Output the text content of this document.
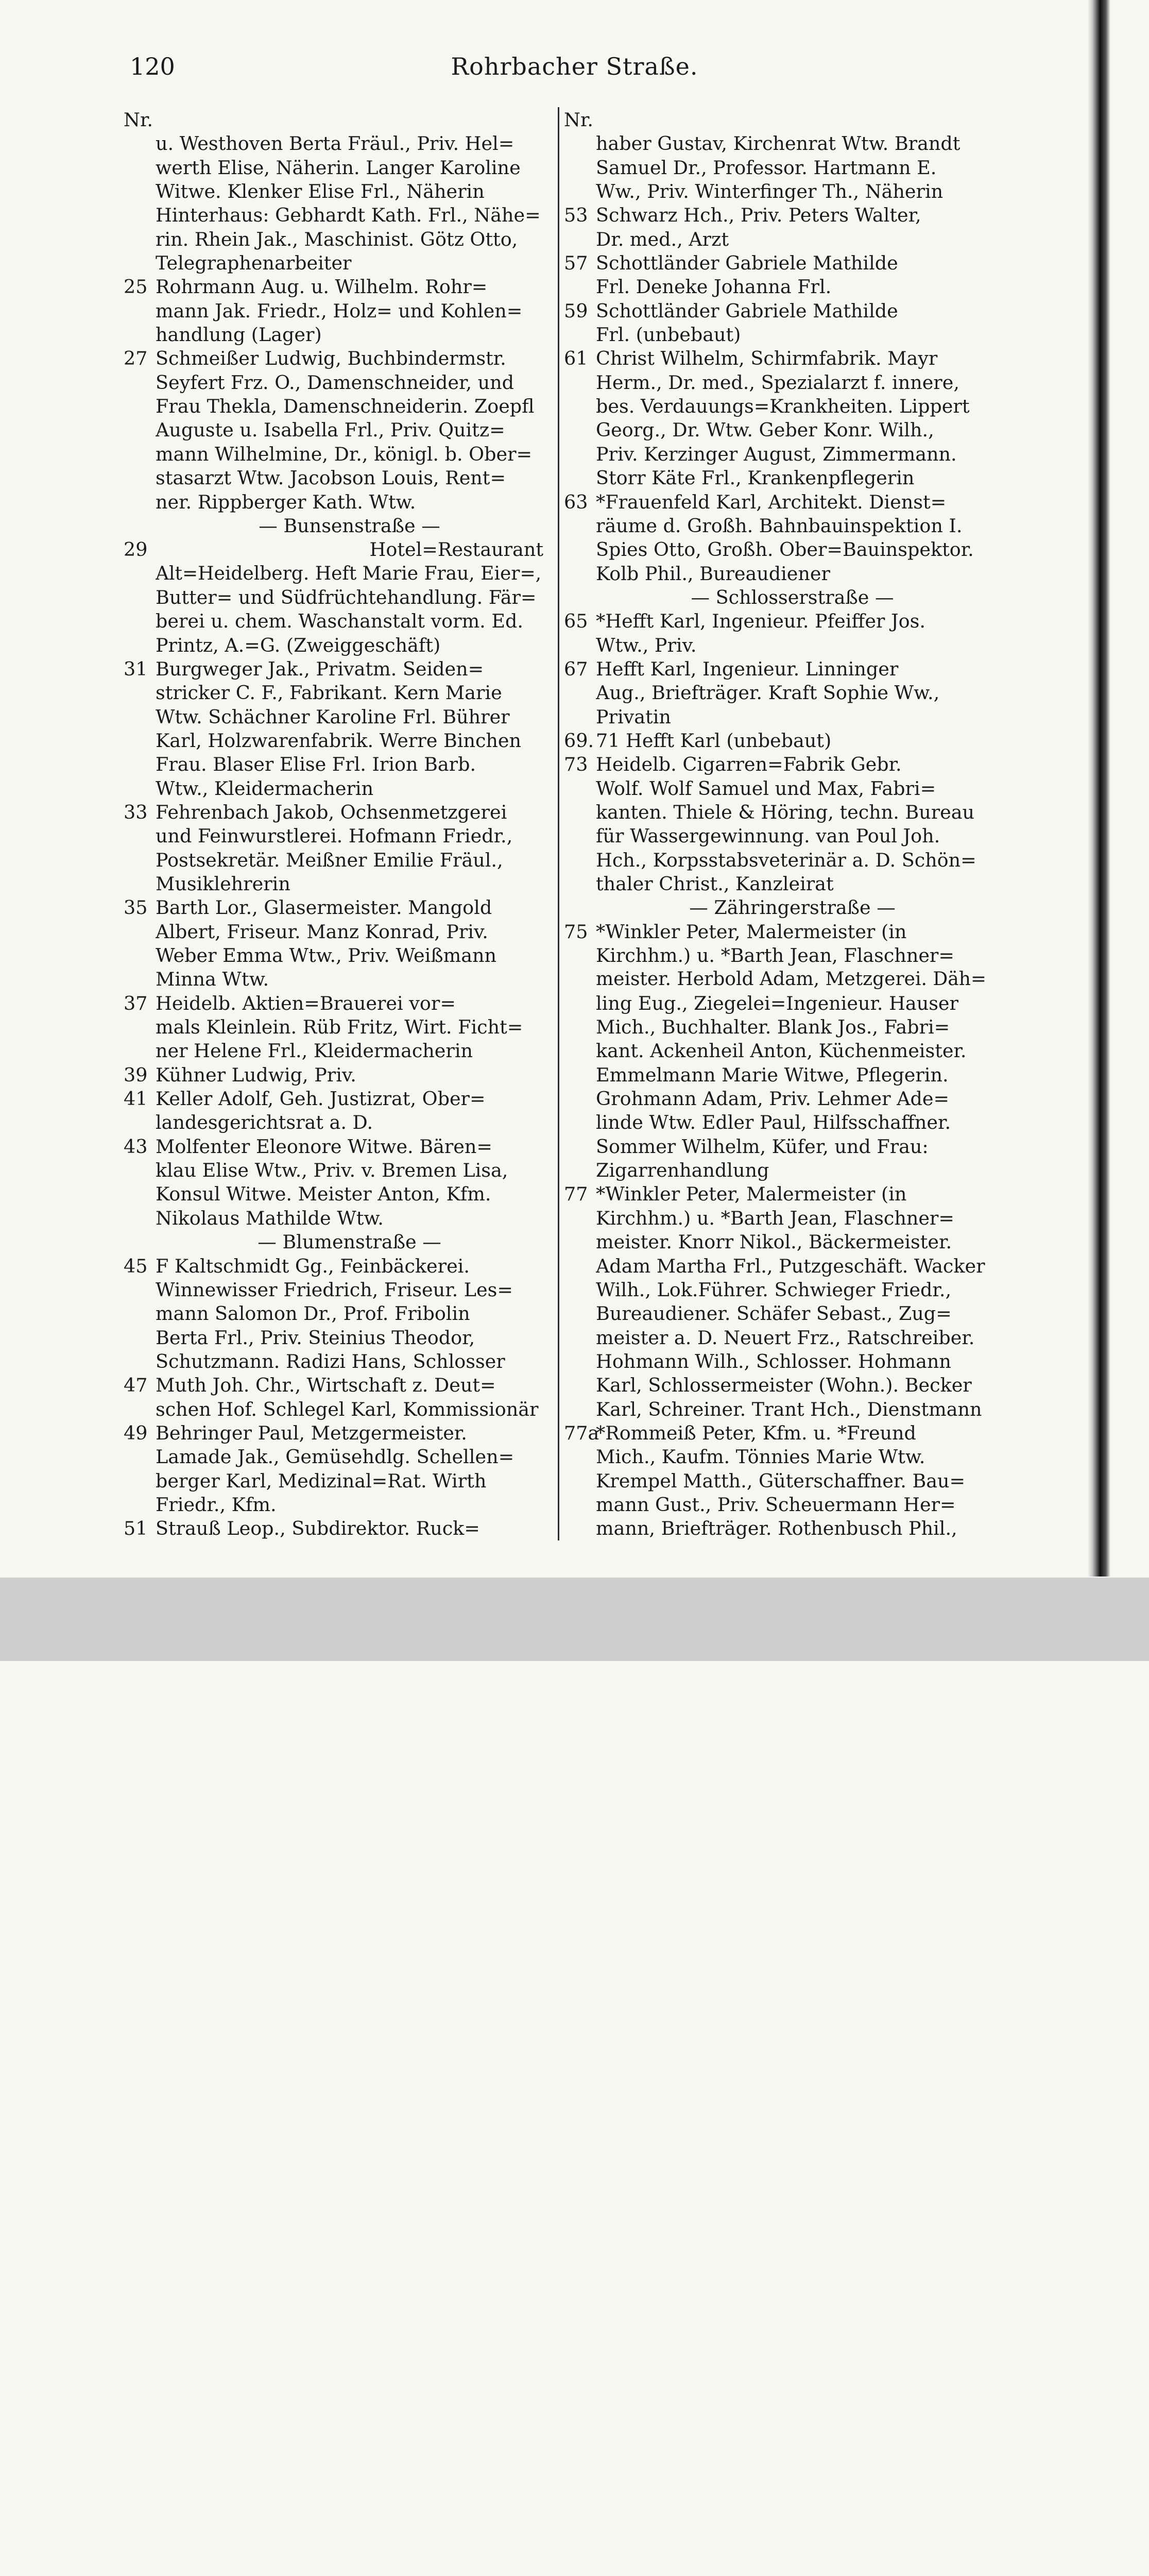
120	Rohrbacher Straße.
Nr.
u. Westhoven Berta Fräul., Priv. Hel=
werth Elise, Näherin. Langer Karoline
Witwe. Klenker Elise Frl., Näherin
Hinterhaus: Gebhardt Kath. Frl., Nähe=
rin. Rhein Jak., Maschinist. Götz Otto,
Telegraphenarbeiter
25 Rohrmann Aug. u. Wilhelm. Rohr=
mann Jak. Friedr., Holz= und Kohlen=
handlung (Lager)
27 Schmeißer Ludwig, Buchbindermstr.
Seyfert Frz. O., Damenschneider, und
Frau Thekla, Damenschneiderin. Zoepfl
Auguste u. Isabella Frl., Priv. Quitz=
mann Wilhelmine, Dr., königl. b. Ober=
stasarzt Wtw. Jacobson Louis, Rent=
ner. Rippberger Kath. Wtw.
— Bunsenstraße —
29	Hotel=Restaurant
Alt=Heidelberg. Heft Marie Frau, Eier=,
Butter= und Südfrüchtehandlung. Fär=
berei u. chem. Waschanstalt vorm. Ed.
Printz, A.=G. (Zweiggeschäft)
31 Burgweger Jak., Privatm. Seiden=
stricker C. F., Fabrikant. Kern Marie
Wtw. Schächner Karoline Frl. Bührer
Karl, Holzwarenfabrik. Werre Binchen
Frau. Blaser Elise Frl. Irion Barb.
Wtw., Kleidermacherin
33 Fehrenbach Jakob, Ochsenmetzgerei
und Feinwurstlerei. Hofmann Friedr.,
Postsekretär. Meißner Emilie Fräul.,
Musiklehrerin
35 Barth Lor., Glasermeister. Mangold
Albert, Friseur. Manz Konrad, Priv.
Weber Emma Wtw., Priv. Weißmann
Minna Wtw.
37 Heidelb. Aktien=Brauerei vor=
mals Kleinlein. Rüb Fritz, Wirt. Ficht=
ner Helene Frl., Kleidermacherin
39 Kühner Ludwig, Priv.
41 Keller Adolf, Geh. Justizrat, Ober=
landesgerichtsrat a. D.
43 Molfenter Eleonore Witwe. Bären=
klau Elise Wtw., Priv. v. Bremen Lisa,
Konsul Witwe. Meister Anton, Kfm.
Nikolaus Mathilde Wtw.
— Blumenstraße —
45 F Kaltschmidt Gg., Feinbäckerei.
Winnewisser Friedrich, Friseur. Les=
mann Salomon Dr., Prof. Fribolin
Berta Frl., Priv. Steinius Theodor,
Schutzmann. Radizi Hans, Schlosser
47 Muth Joh. Chr., Wirtschaft z. Deut=
schen Hof. Schlegel Karl, Kommissionär
49 Behringer Paul, Metzgermeister.
Lamade Jak., Gemüsehdlg. Schellen=
berger Karl, Medizinal=Rat. Wirth
Friedr., Kfm.
51 Strauß Leop., Subdirektor. Ruck=
Nr.
haber Gustav, Kirchenrat Wtw. Brandt
Samuel Dr., Professor. Hartmann E.
Ww., Priv. Winterfinger Th., Näherin
53 Schwarz Hch., Priv. Peters Walter,
Dr. med., Arzt
57 Schottländer Gabriele Mathilde
Frl. Deneke Johanna Frl.
59 Schottländer Gabriele Mathilde
Frl. (unbebaut)
61 Christ Wilhelm, Schirmfabrik. Mayr
Herm., Dr. med., Spezialarzt f. innere,
bes. Verdauungs=Krankheiten. Lippert
Georg., Dr. Wtw. Geber Konr. Wilh.,
Priv. Kerzinger August, Zimmermann.
Storr Käte Frl., Krankenpflegerin
63 *Frauenfeld Karl, Architekt. Dienst=
räume d. Großh. Bahnbauinspektion I.
Spies Otto, Großh. Ober=Bauinspektor.
Kolb Phil., Bureaudiener
— Schlosserstraße —
65 *Hefft Karl, Ingenieur. Pfeiffer Jos.
Wtw., Priv.
67 Hefft Karl, Ingenieur. Linninger
Aug., Briefträger. Kraft Sophie Ww.,
Privatin
69. 71 Hefft Karl (unbebaut)
73 Heidelb. Cigarren=Fabrik Gebr.
Wolf. Wolf Samuel und Max, Fabri=
kanten. Thiele & Höring, techn. Bureau
für Wassergewinnung. van Poul Joh.
Hch., Korpsstabsveterinär a. D. Schön=
thaler Christ., Kanzleirat
— Zähringerstraße —
75 *Winkler Peter, Malermeister (in
Kirchhm.) u. *Barth Jean, Flaschner=
meister. Herbold Adam, Metzgerei. Däh=
ling Eug., Ziegelei=Ingenieur. Hauser
Mich., Buchhalter. Blank Jos., Fabri=
kant. Ackenheil Anton, Küchenmeister.
Emmelmann Marie Witwe, Pflegerin.
Grohmann Adam, Priv. Lehmer Ade=
linde Wtw. Edler Paul, Hilfsschaffner.
Sommer Wilhelm, Küfer, und Frau:
Zigarrenhandlung
77 *Winkler Peter, Malermeister (in
Kirchhm.) u. *Barth Jean, Flaschner=
meister. Knorr Nikol., Bäckermeister.
Adam Martha Frl., Putzgeschäft. Wacker
Wilh., Lok.Führer. Schwieger Friedr.,
Bureaudiener. Schäfer Sebast., Zug=
meister a. D. Neuert Frz., Ratschreiber.
Hohmann Wilh., Schlosser. Hohmann
Karl, Schlossermeister (Wohn.). Becker
Karl, Schreiner. Trant Hch., Dienstmann
77a
*Rommeiß Peter, Kfm. u. *Freund
Mich., Kaufm. Tönnies Marie Wtw.
Krempel Matth., Güterschaffner. Bau=
mann Gust., Priv. Scheuermann Her=
mann, Briefträger. Rothenbusch Phil.,
